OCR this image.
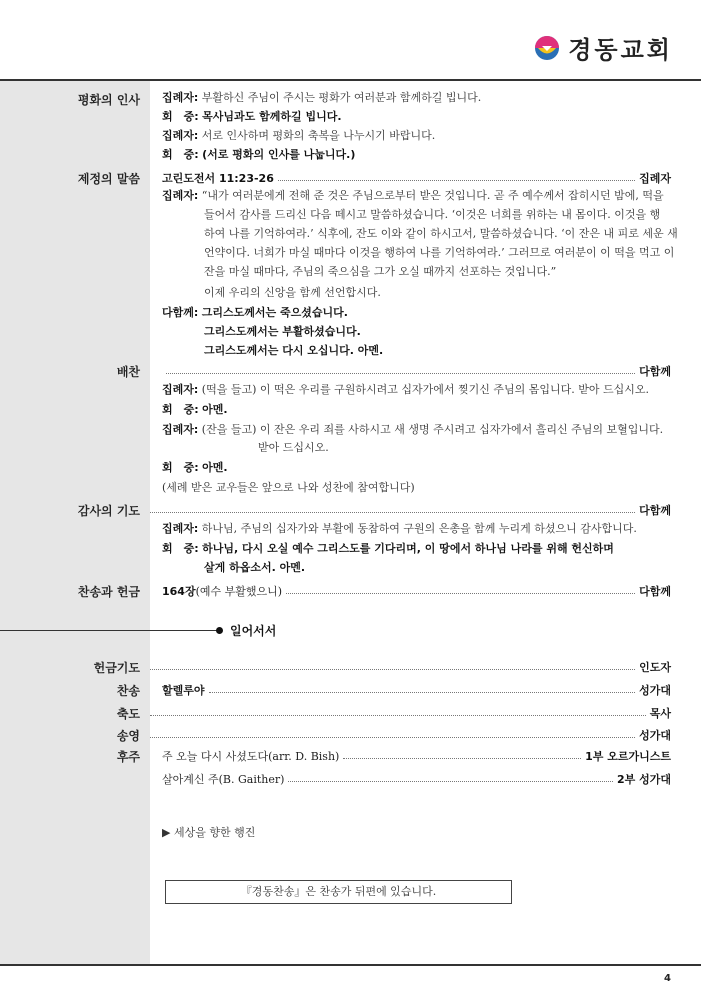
경동교회
평화의 인사 집례자: 부활하신 주님이 주시는 평화가 여러분과 함께하길 빕니다.
회　중: 목사님과도 함께하길 빕니다.
집례자: 서로 인사하며 평화의 축복을 나누시기 바랍니다.
회　중: (서로 평화의 인사를 나눕니다.)
제정의 말씀 고린도전서 11:23-26	집례자
집례자: “내가 여러분에게 전해 준 것은 주님으로부터 받은 것입니다. 곧 주 예수께서 잡히시던 밤에, 떡을
들어서 감사를 드리신 다음 떼시고 말씀하셨습니다. ‘이것은 너희를 위하는 내 몸이다. 이것을 행
하여 나를 기억하여라.’ 식후에, 잔도 이와 같이 하시고서, 말씀하셨습니다. ‘이 잔은 내 피로 세운 새
언약이다. 너희가 마실 때마다 이것을 행하여 나를 기억하여라.’ 그러므로 여러분이 이 떡을 먹고 이
잔을 마실 때마다, 주님의 죽으심을 그가 오실 때까지 선포하는 것입니다.”
이제 우리의 신앙을 함께 선언합시다.
다함께: 그리스도께서는 죽으셨습니다.
그리스도께서는 부활하셨습니다.
그리스도께서는 다시 오십니다. 아멘.
배찬	다함께
집례자: (떡을 들고) 이 떡은 우리를 구원하시려고 십자가에서 찢기신 주님의 몸입니다. 받아 드십시오.
회　중: 아멘.
집례자: (잔을 들고) 이 잔은 우리 죄를 사하시고 새 생명 주시려고 십자가에서 흘리신 주님의 보혈입니다.
받아 드십시오.
회　중: 아멘.
(세례 받은 교우들은 앞으로 나와 성찬에 참여합니다)
감사의 기도	다함께
집례자: 하나님, 주님의 십자가와 부활에 동참하여 구원의 은총을 함께 누리게 하셨으니 감사합니다.
회　중: 하나님, 다시 오실 예수 그리스도를 기다리며, 이 땅에서 하나님 나라를 위해 헌신하며
살게 하옵소서. 아멘.
찬송과 헌금 164장 (예수 부활했으니)	다함께
일어서서
헌금기도	인도자
찬송 할렐루야	성가대
축도	목사
송영	성가대
후주 주 오늘 다시 사셨도다(arr. D. Bish)	1부 오르가니스트
살아계신 주(B. Gaither)	2부 성가대
▶ 세상을 향한 행진
『경동찬송』은 찬송가 뒤편에 있습니다.
4
